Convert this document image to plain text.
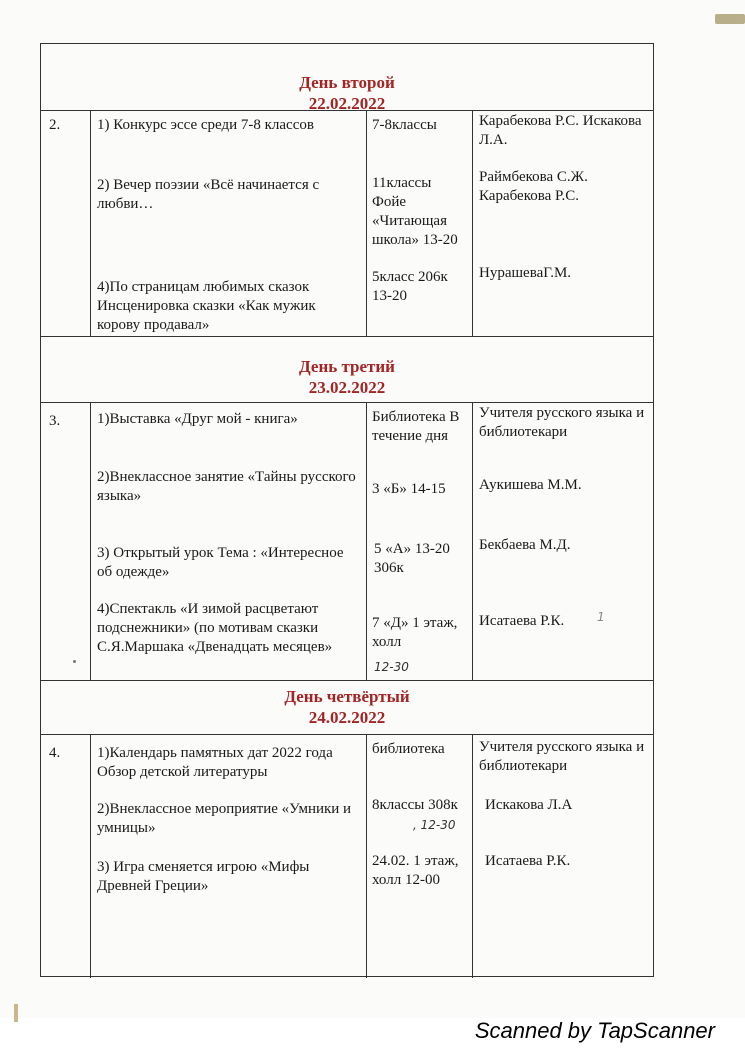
День второй
22.02.2022
2. 1) Конкурс эссе среди 7-8 классов
2) Вечер поэзии «Всё начинается с любви…
4)По страницам любимых сказок Инсценировка сказки «Как мужик корову продавал»
7-8классы
11классы Фойе «Читающая школа» 13-20
5класс 206к 13-20
Карабекова Р.С. Искакова Л.А.
Раймбекова С.Ж. Карабекова Р.С.
НурашеваГ.М.
День третий
23.02.2022
3. 1)Выставка «Друг мой - книга»
2)Внеклассное занятие «Тайны русского языка»
3) Открытый урок Тема : «Интересное об одежде»
4)Спектакль «И зимой расцветают подснежники» (по мотивам сказки С.Я.Маршака «Двенадцать месяцев»
Библиотека В течение дня
3 «Б» 14-15
5 «А» 13-20 306к
7 «Д» 1 этаж, холл
12-30
Учителя русского языка и библиотекари
Аукишева М.М.
Бекбаева М.Д.
Исатаева Р.К.	1
День четвёртый
24.02.2022
4. 1)Календарь памятных дат 2022 года Обзор детской литературы
2)Внеклассное мероприятие «Умники и умницы»
3) Игра сменяется игрою «Мифы Древней Греции»
библиотека
8классы 308к
, 12-30
24.02. 1 этаж, холл 12-00
Учителя русского языка и библиотекари
Искакова Л.А
Исатаева Р.К.
Scanned by TapScanner
